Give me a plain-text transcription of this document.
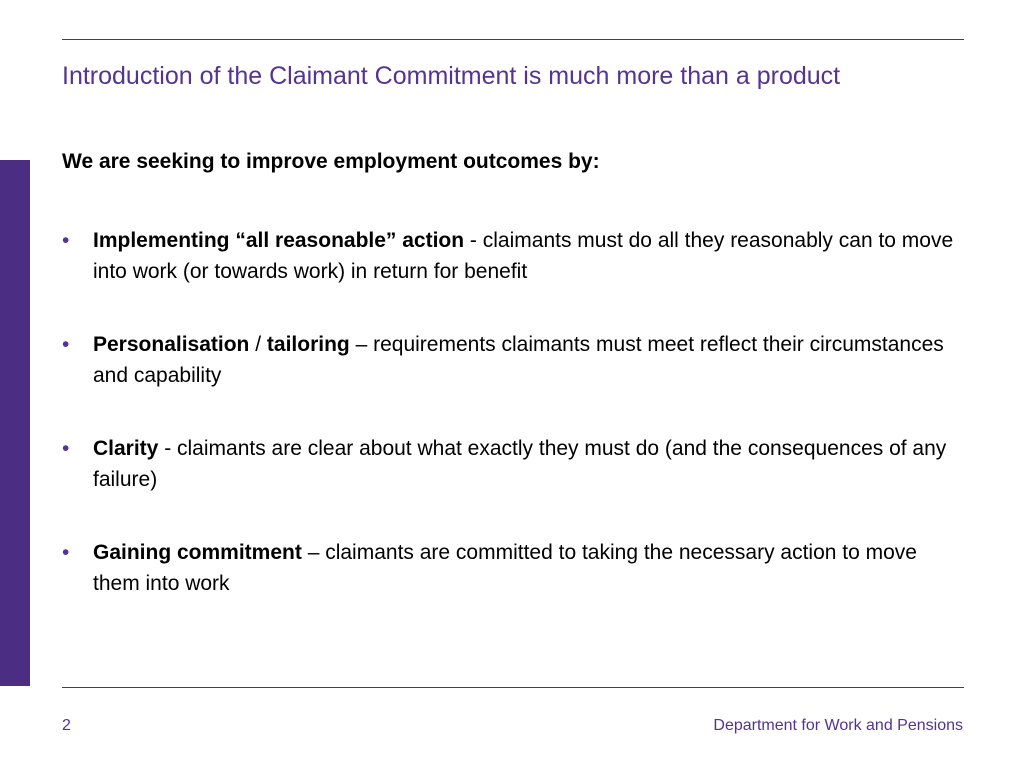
Introduction of the Claimant Commitment is much more than a product
We are seeking to improve employment outcomes by:
• Implementing “all reasonable” action - claimants must do all they reasonably can to move into work (or towards work) in return for benefit
• Personalisation / tailoring – requirements claimants must meet reflect their circumstances and capability
• Clarity - claimants are clear about what exactly they must do (and the consequences of any failure)
• Gaining commitment – claimants are committed to taking the necessary action to move them into work
2	Department for Work and Pensions
